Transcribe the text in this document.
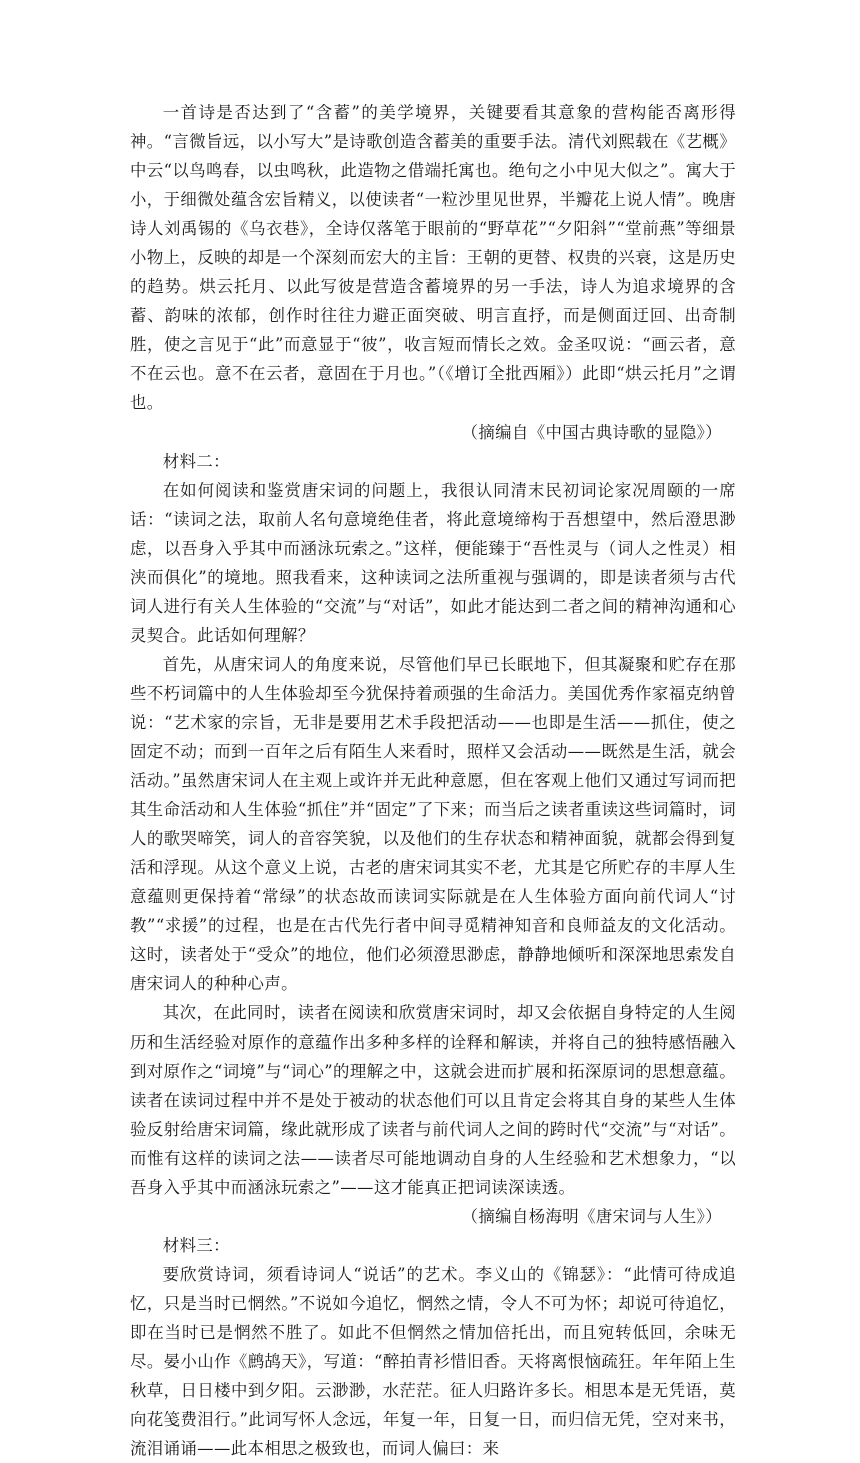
一首诗是否达到了“含蓄”的美学境界，关键要看其意象的营构能否离形得神。“言微旨远，以小写大”是诗歌创造含蓄美的重要手法。清代刘熙载在《艺概》中云“以鸟鸣春，以虫鸣秋，此造物之借端托寓也。绝句之小中见大似之”。寓大于小，于细微处蕴含宏旨精义，以使读者“一粒沙里见世界，半瓣花上说人情”。晚唐诗人刘禹锡的《乌衣巷》，全诗仅落笔于眼前的“野草花”“夕阳斜”“堂前燕”等细景小物上，反映的却是一个深刻而宏大的主旨：王朝的更替、权贵的兴衰，这是历史的趋势。烘云托月、以此写彼是营造含蓄境界的另一手法，诗人为追求境界的含蓄、韵味的浓郁，创作时往往力避正面突破、明言直抒，而是侧面迂回、出奇制胜，使之言见于“此”而意显于“彼”，收言短而情长之效。金圣叹说：“画云者，意不在云也。意不在云者，意固在于月也。”（《增订全批西厢》）此即“烘云托月”之谓也。

（摘编自《中国古典诗歌的显隐》）

材料二：

在如何阅读和鉴赏唐宋词的问题上，我很认同清末民初词论家况周颐的一席话：“读词之法，取前人名句意境绝佳者，将此意境缔构于吾想望中，然后澄思渺虑，以吾身入乎其中而涵泳玩索之。”这样，便能臻于“吾性灵与（词人之性灵）相浃而俱化”的境地。照我看来，这种读词之法所重视与强调的，即是读者须与古代词人进行有关人生体验的“交流”与“对话”，如此才能达到二者之间的精神沟通和心灵契合。此话如何理解？

首先，从唐宋词人的角度来说，尽管他们早已长眠地下，但其凝聚和贮存在那些不朽词篇中的人生体验却至今犹保持着顽强的生命活力。美国优秀作家福克纳曾说：“艺术家的宗旨，无非是要用艺术手段把活动——也即是生活——抓住，使之固定不动；而到一百年之后有陌生人来看时，照样又会活动——既然是生活，就会活动。”虽然唐宋词人在主观上或许并无此种意愿，但在客观上他们又通过写词而把其生命活动和人生体验“抓住”并“固定”了下来；而当后之读者重读这些词篇时，词人的歌哭啼笑，词人的音容笑貌，以及他们的生存状态和精神面貌，就都会得到复活和浮现。从这个意义上说，古老的唐宋词其实不老，尤其是它所贮存的丰厚人生意蕴则更保持着“常绿”的状态故而读词实际就是在人生体验方面向前代词人“讨教”“求援”的过程，也是在古代先行者中间寻觅精神知音和良师益友的文化活动。这时，读者处于“受众”的地位，他们必须澄思渺虑，静静地倾听和深深地思索发自唐宋词人的种种心声。

其次，在此同时，读者在阅读和欣赏唐宋词时，却又会依据自身特定的人生阅历和生活经验对原作的意蕴作出多种多样的诠释和解读，并将自己的独特感悟融入到对原作之“词境”与“词心”的理解之中，这就会进而扩展和拓深原词的思想意蕴。读者在读词过程中并不是处于被动的状态他们可以且肯定会将其自身的某些人生体验反射给唐宋词篇，缘此就形成了读者与前代词人之间的跨时代“交流”与“对话”。而惟有这样的读词之法——读者尽可能地调动自身的人生经验和艺术想象力，“以吾身入乎其中而涵泳玩索之”——这才能真正把词读深读透。

（摘编自杨海明《唐宋词与人生》）

材料三：

要欣赏诗词，须看诗词人“说话”的艺术。李义山的《锦瑟》：“此情可待成追忆，只是当时已惘然。”不说如今追忆，惘然之情，令人不可为怀；却说可待追忆，即在当时已是惘然不胜了。如此不但惘然之情加倍托出，而且宛转低回，余味无尽。晏小山作《鹧鸪天》，写道：“醉拍青衫惜旧香。天将离恨恼疏狂。年年陌上生秋草，日日楼中到夕阳。云渺渺，水茫茫。征人归路许多长。相思本是无凭语，莫向花笺费泪行。”此词写怀人念远，年复一年，日复一日，而归信无凭，空对来书，流泪诵诵——此本相思之极致也，而词人偏曰：来
